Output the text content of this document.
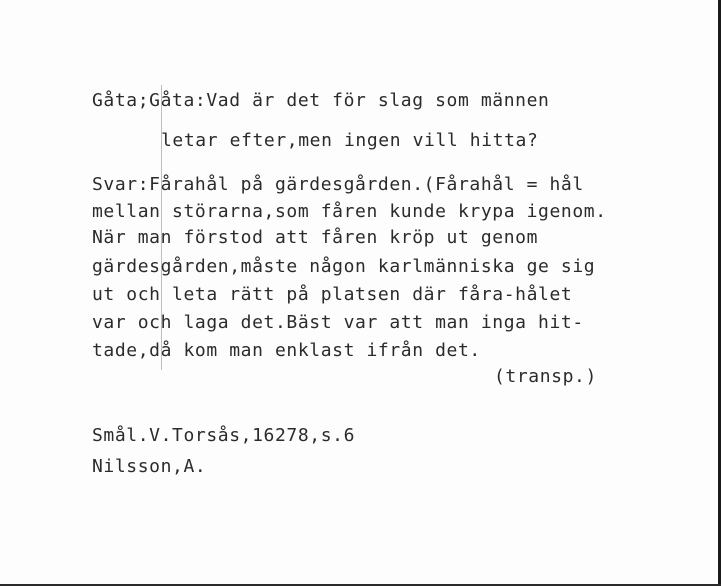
Gåta;Gåta:Vad är det för slag som männen

letar efter,men ingen vill hitta?

Svar:Fårahål på gärdesgården.(Fårahål = hål

mellan störarna,som fåren kunde krypa igenom.

När man förstod att fåren kröp ut genom

gärdesgården,måste någon karlmänniska ge sig

ut och leta rätt på platsen där fåra-hålet

var och laga det.Bäst var att man inga hit-

tade,då kom man enklast ifrån det.

(transp.)

Smål.V.Torsås,16278,s.6

Nilsson,A.
